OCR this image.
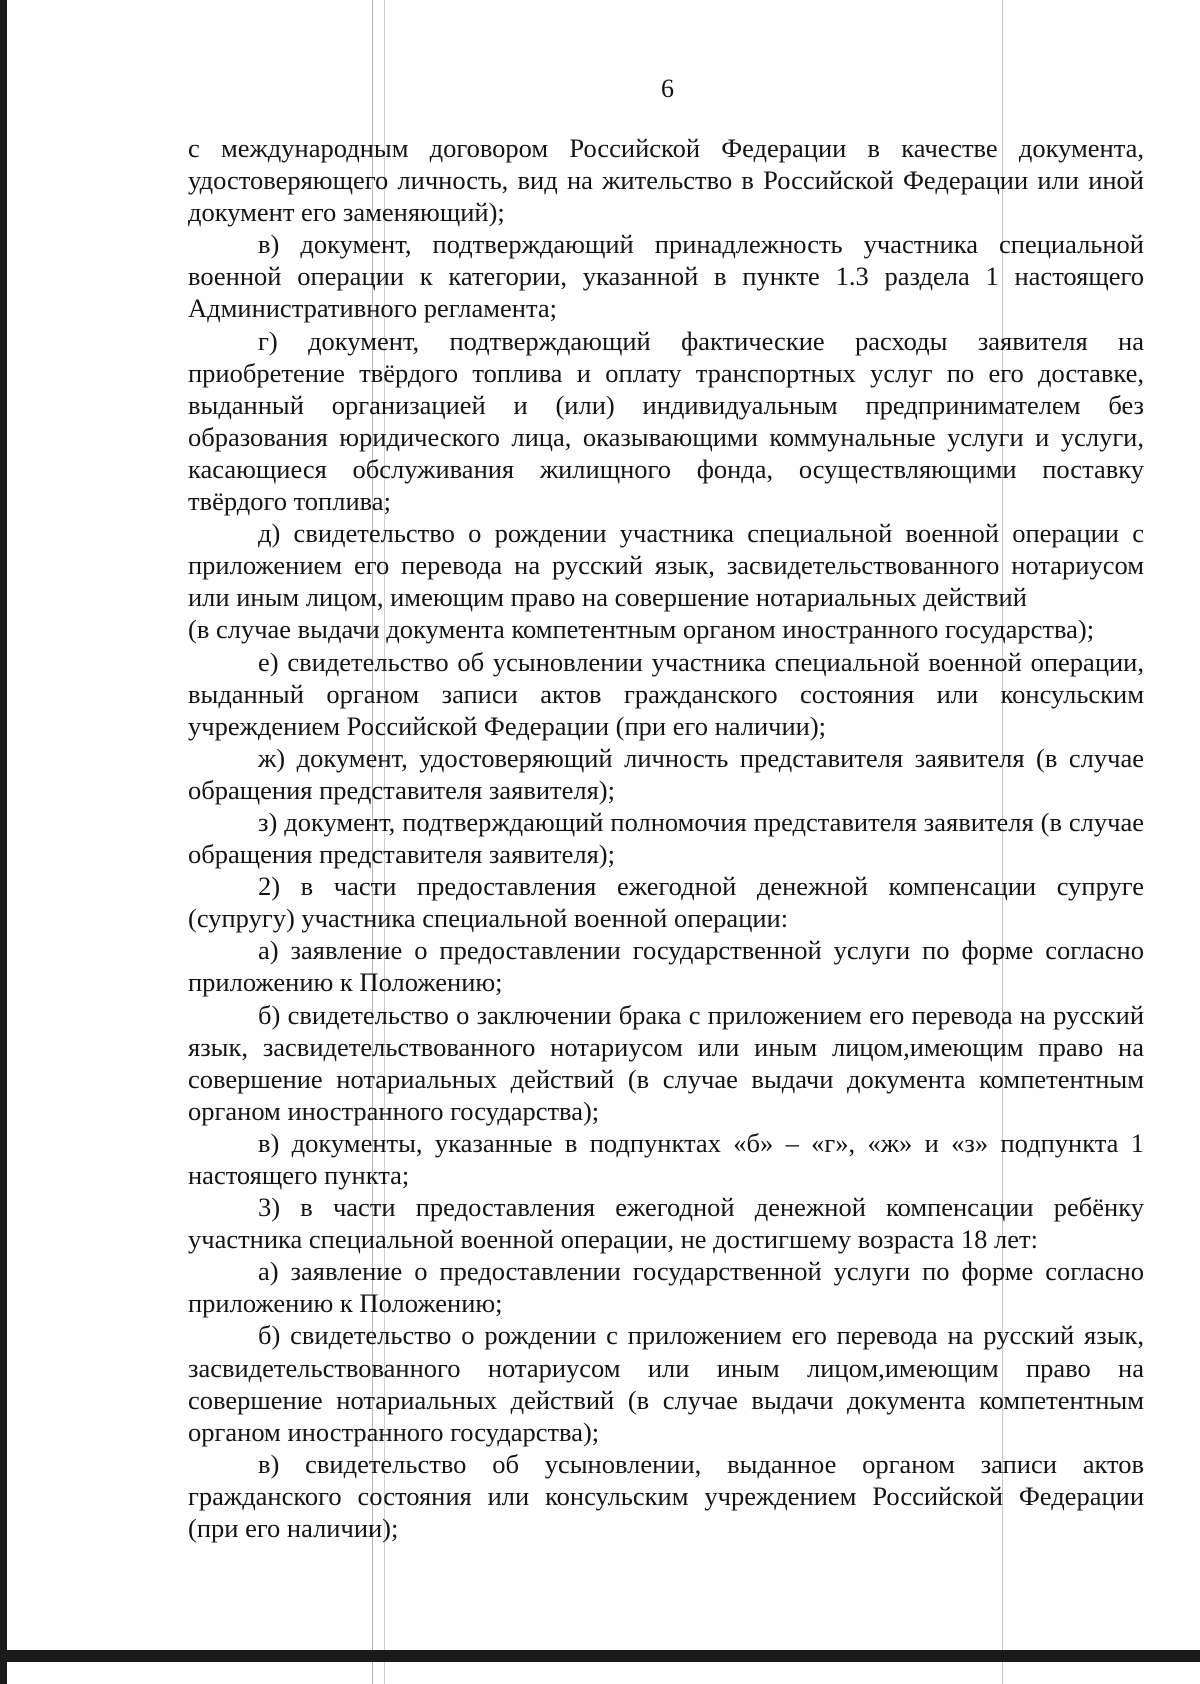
6

с международным договором Российской Федерации в качестве документа, удостоверяющего личность, вид на жительство в Российской Федерации или иной документ его заменяющий);

в) документ, подтверждающий принадлежность участника специальной военной операции к категории, указанной в пункте 1.3 раздела 1 настоящего Административного регламента;

г) документ, подтверждающий фактические расходы заявителя на приобретение твёрдого топлива и оплату транспортных услуг по его доставке, выданный организацией и (или) индивидуальным предпринимателем без образования юридического лица, оказывающими коммунальные услуги и услуги, касающиеся обслуживания жилищного фонда, осуществляющими поставку твёрдого топлива;

д) свидетельство о рождении участника специальной военной операции с приложением его перевода на русский язык, засвидетельствованного нотариусом или иным лицом, имеющим право на совершение нотариальных действий

(в случае выдачи документа компетентным органом иностранного государства);

е) свидетельство об усыновлении участника специальной военной операции, выданный органом записи актов гражданского состояния или консульским учреждением Российской Федерации (при его наличии);

ж) документ, удостоверяющий личность представителя заявителя (в случае обращения представителя заявителя);

з) документ, подтверждающий полномочия представителя заявителя (в случае обращения представителя заявителя);

2) в части предоставления ежегодной денежной компенсации супруге (супругу) участника специальной военной операции:

а) заявление о предоставлении государственной услуги по форме согласно приложению к Положению;

б) свидетельство о заключении брака с приложением его перевода на русский язык, засвидетельствованного нотариусом или иным лицом,имеющим право на совершение нотариальных действий (в случае выдачи документа компетентным органом иностранного государства);

в) документы, указанные в подпунктах «б» – «г», «ж» и «з» подпункта 1 настоящего пункта;

3) в части предоставления ежегодной денежной компенсации ребёнку участника специальной военной операции, не достигшему возраста 18 лет:

а) заявление о предоставлении государственной услуги по форме согласно приложению к Положению;

б) свидетельство о рождении с приложением его перевода на русский язык, засвидетельствованного нотариусом или иным лицом,имеющим право на совершение нотариальных действий (в случае выдачи документа компетентным органом иностранного государства);

в) свидетельство об усыновлении, выданное органом записи актов гражданского состояния или консульским учреждением Российской Федерации (при его наличии);
